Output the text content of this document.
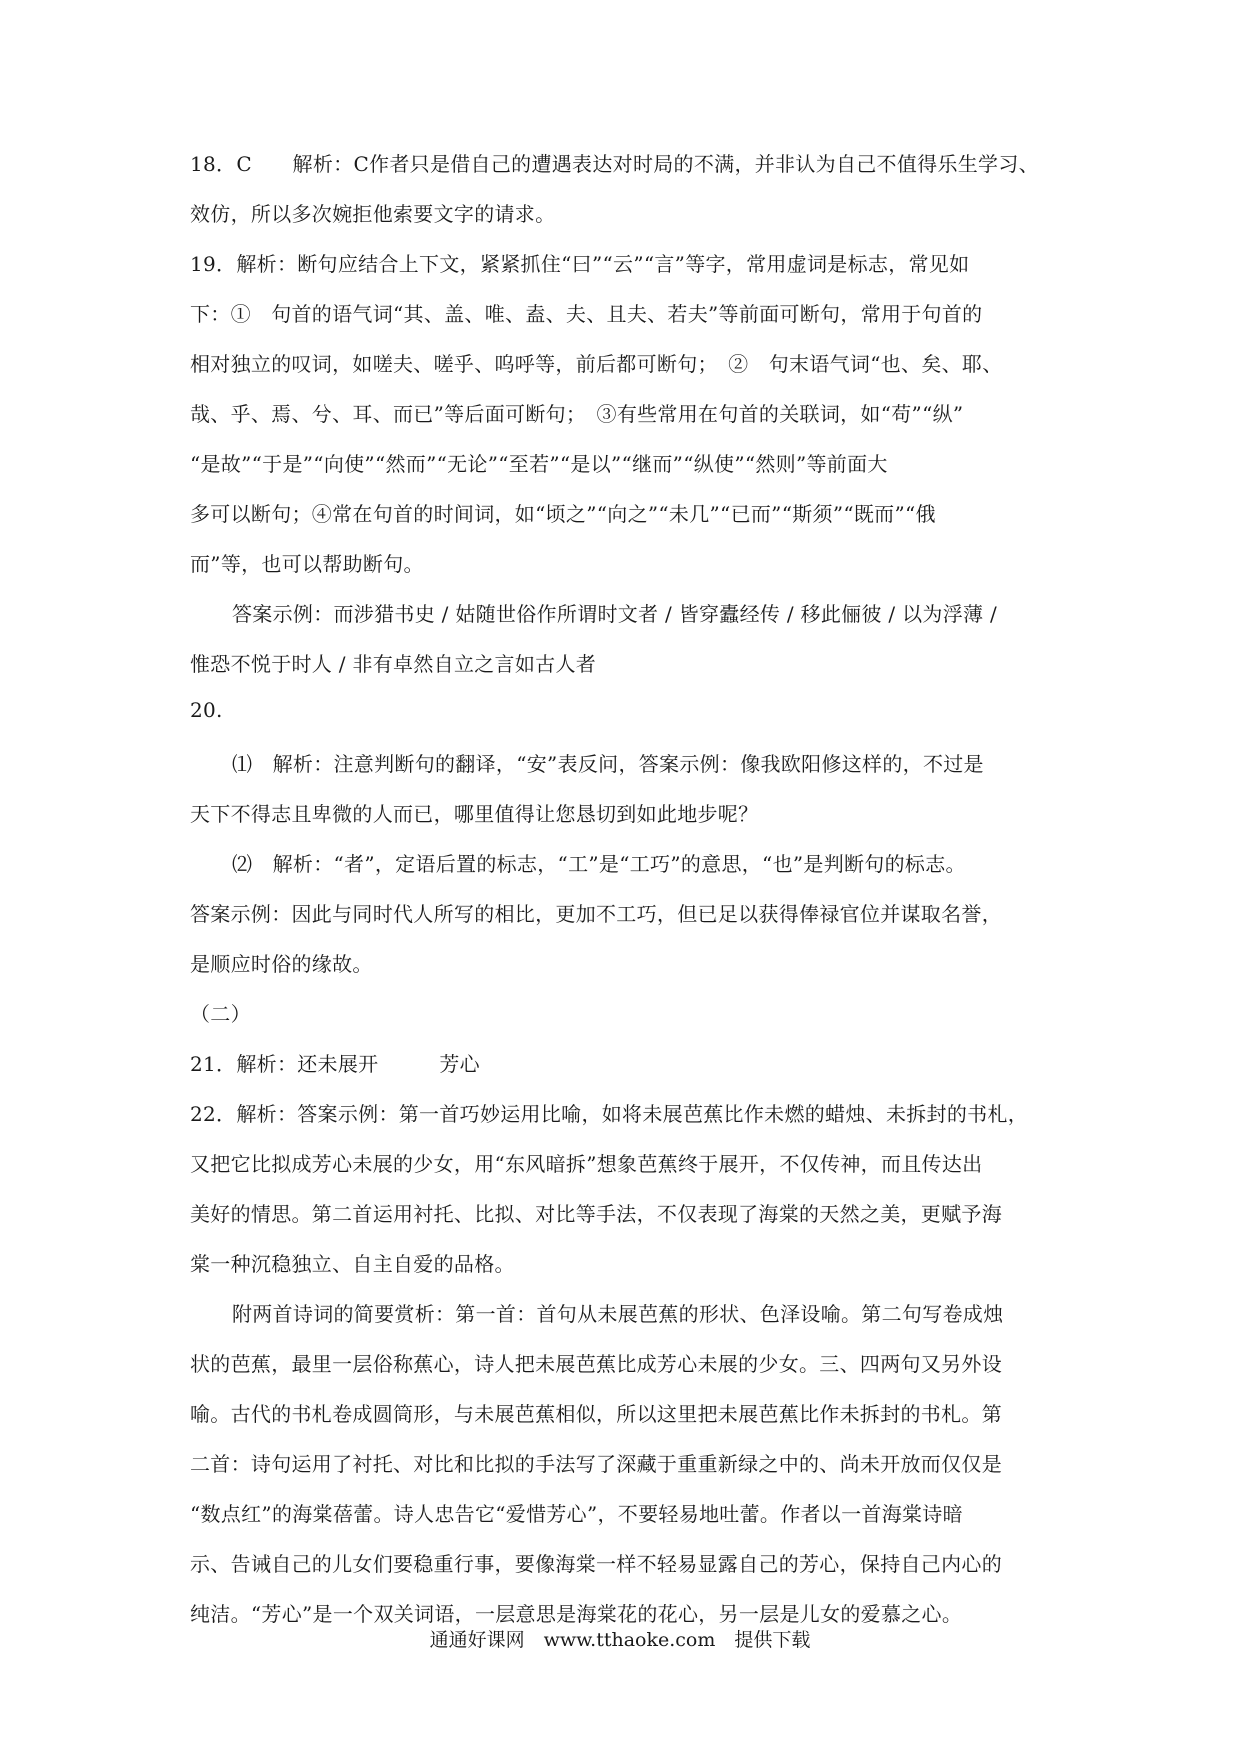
18．C　　解析：C作者只是借自己的遭遇表达对时局的不满，并非认为自己不值得乐生学习、
效仿，所以多次婉拒他索要文字的请求。
19．解析：断句应结合上下文，紧紧抓住“曰”“云”“言”等字，常用虚词是标志，常见如
下：①　句首的语气词“其、盖、唯、盍、夫、且夫、若夫”等前面可断句，常用于句首的
相对独立的叹词，如嗟夫、嗟乎、呜呼等，前后都可断句；　②　句末语气词“也、矣、耶、
哉、乎、焉、兮、耳、而已”等后面可断句；　③有些常用在句首的关联词，如“苟”“纵”
“是故”“于是”“向使”“然而”“无论”“至若”“是以”“继而”“纵使”“然则”等前面大
多可以断句；④常在句首的时间词，如“顷之”“向之”“未几”“已而”“斯须”“既而”“俄
而”等，也可以帮助断句。
答案示例：而涉猎书史 / 姑随世俗作所谓时文者 / 皆穿蠹经传 / 移此俪彼 / 以为浮薄 /
惟恐不悦于时人 / 非有卓然自立之言如古人者
20.
⑴　解析：注意判断句的翻译，“安”表反问，答案示例：像我欧阳修这样的，不过是
天下不得志且卑微的人而已，哪里值得让您恳切到如此地步呢？
⑵　解析：“者”，定语后置的标志，“工”是“工巧”的意思，“也”是判断句的标志。
答案示例：因此与同时代人所写的相比，更加不工巧，但已足以获得俸禄官位并谋取名誉，
是顺应时俗的缘故。
（二）
21．解析：还未展开　　　芳心
22．解析：答案示例：第一首巧妙运用比喻，如将未展芭蕉比作未燃的蜡烛、未拆封的书札，
又把它比拟成芳心未展的少女，用“东风暗拆”想象芭蕉终于展开，不仅传神，而且传达出
美好的情思。第二首运用衬托、比拟、对比等手法，不仅表现了海棠的天然之美，更赋予海
棠一种沉稳独立、自主自爱的品格。
附两首诗词的简要赏析：第一首：首句从未展芭蕉的形状、色泽设喻。第二句写卷成烛
状的芭蕉，最里一层俗称蕉心，诗人把未展芭蕉比成芳心未展的少女。三、四两句又另外设
喻。古代的书札卷成圆筒形，与未展芭蕉相似，所以这里把未展芭蕉比作未拆封的书札。第
二首：诗句运用了衬托、对比和比拟的手法写了深藏于重重新绿之中的、尚未开放而仅仅是
“数点红”的海棠蓓蕾。诗人忠告它“爱惜芳心”，不要轻易地吐蕾。作者以一首海棠诗暗
示、告诫自己的儿女们要稳重行事，要像海棠一样不轻易显露自己的芳心，保持自己内心的
纯洁。“芳心”是一个双关词语，一层意思是海棠花的花心，另一层是儿女的爱慕之心。
通通好课网　www.tthaoke.com　提供下载
